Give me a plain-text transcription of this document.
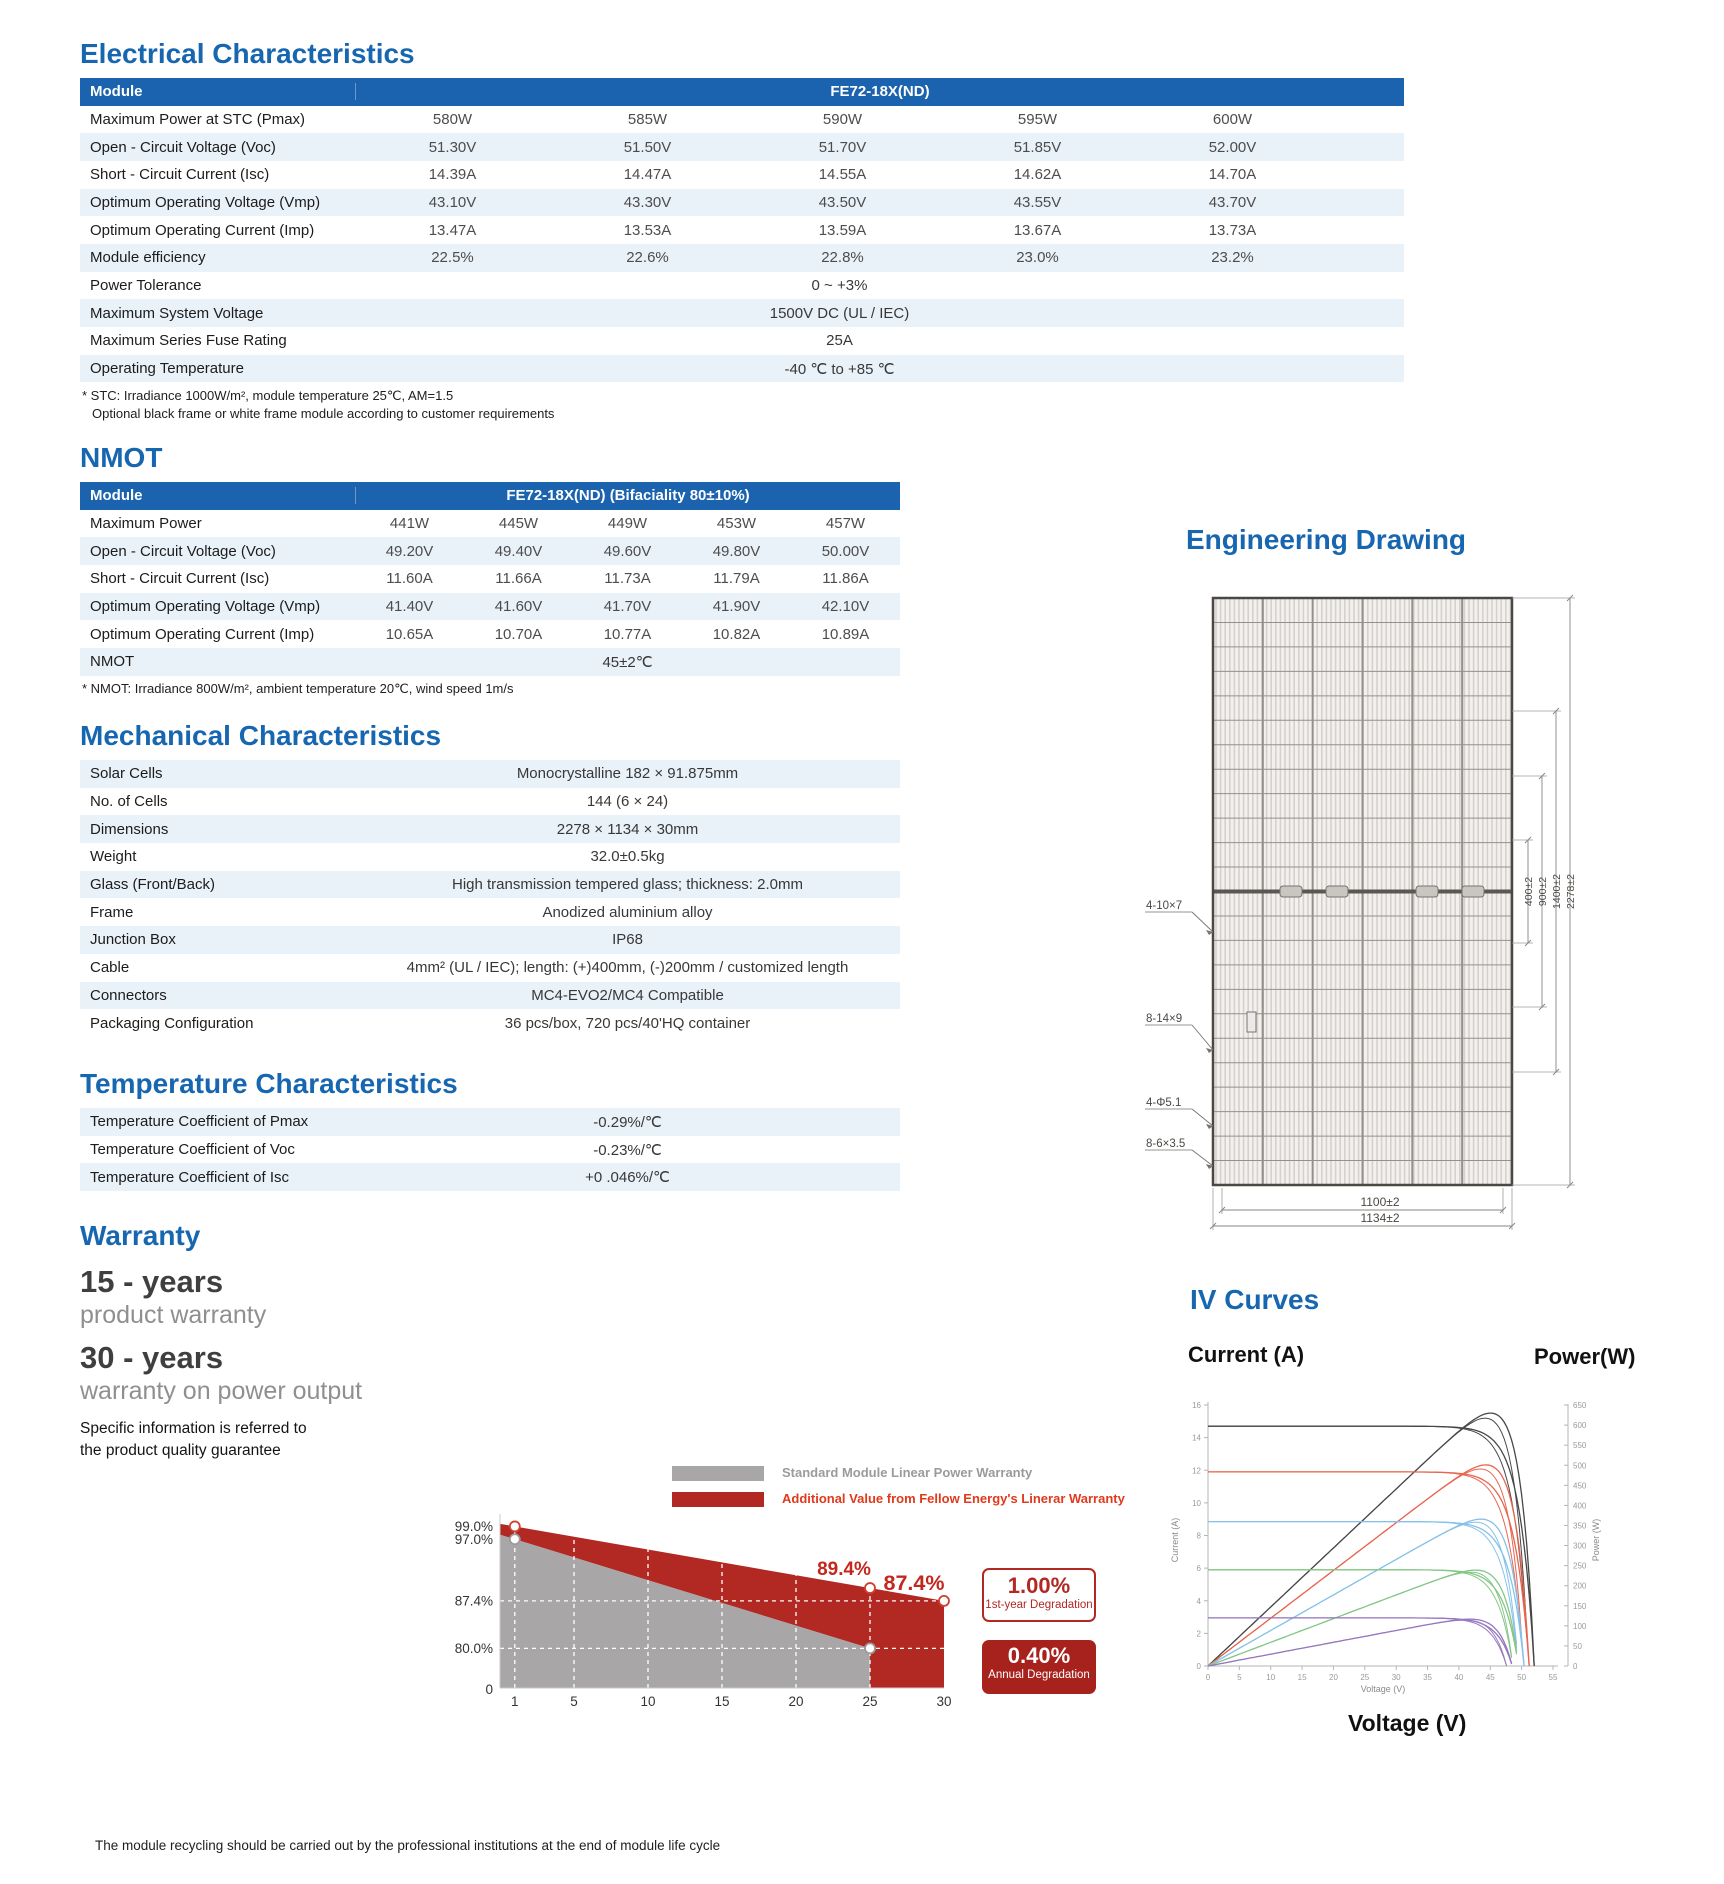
Electrical Characteristics
NMOT
Mechanical Characteristics
Temperature Characteristics
Warranty
Engineering Drawing
IV Curves
Module	FE72-18X(ND)
Maximum Power at STC (Pmax)	580W	585W	590W	595W	600W
Open - Circuit Voltage (Voc)	51.30V	51.50V	51.70V	51.85V	52.00V
Short - Circuit Current (Isc)	14.39A	14.47A	14.55A	14.62A	14.70A
Optimum Operating Voltage (Vmp)	43.10V	43.30V	43.50V	43.55V	43.70V
Optimum Operating Current (Imp)	13.47A	13.53A	13.59A	13.67A	13.73A
Module efficiency	22.5%	22.6%	22.8%	23.0%	23.2%
Power Tolerance	0 ~ +3%
Maximum System Voltage	1500V DC (UL / IEC)
Maximum Series Fuse Rating	25A
Operating Temperature	-40 ℃ to +85 ℃
* STC: Irradiance 1000W/m², module temperature 25℃, AM=1.5
Optional black frame or white frame module according to customer requirements
Module	FE72-18X(ND) (Bifaciality 80±10%)
Maximum Power	441W	445W	449W	453W	457W
Open - Circuit Voltage (Voc)	49.20V	49.40V	49.60V	49.80V	50.00V
Short - Circuit Current (Isc)	11.60A	11.66A	11.73A	11.79A	11.86A
Optimum Operating Voltage (Vmp)	41.40V	41.60V	41.70V	41.90V	42.10V
Optimum Operating Current (Imp)	10.65A	10.70A	10.77A	10.82A	10.89A
NMOT	45±2℃
* NMOT: Irradiance 800W/m², ambient temperature 20℃, wind speed 1m/s
Solar Cells	Monocrystalline 182 × 91.875mm
No. of Cells	144 (6 × 24)
Dimensions	2278 × 1134 × 30mm
Weight	32.0±0.5kg
Glass (Front/Back)	High transmission tempered glass; thickness: 2.0mm
Frame	Anodized aluminium alloy
Junction Box	IP68
Cable	4mm² (UL / IEC); length: (+)400mm, (-)200mm / customized length
Connectors	MC4-EVO2/MC4 Compatible
Packaging Configuration	36 pcs/box, 720 pcs/40'HQ container
Temperature Coefficient of Pmax	-0.29%/℃
Temperature Coefficient of Voc	-0.23%/℃
Temperature Coefficient of Isc	+0 .046%/℃
15 - years
product warranty
30 - years
warranty on power output
Specific information is referred to
the product quality guarantee
Standard Module Linear Power Warranty
Additional Value from Fellow Energy's Linerar Warranty
99.0%
97.0%
87.4%
80.0%
0
1	5	10	15	20	25	30
89.4%
87.4%	1.00%
1st-year Degradation
0.40%
Annual Degradation
1100±2
1134±2
400±2 900±2 1400±2 2278±2
4-10×7
8-14×9
4-Φ5.1
8-6×3.5
Current (A)	Power(W)
Voltage (V)
0
2
4
6
8
10
12
14
16
0	5	10	15	20	25	30	35	40	45	50	55
0
50
100
150
200
250
300
350
400
450
500
550
600
650
Current (A)
Voltage (V)
Power (W)
The module recycling should be carried out by the professional institutions at the end of module life cycle
